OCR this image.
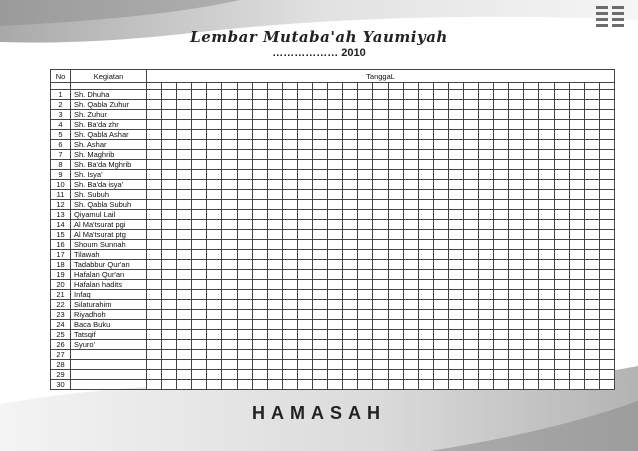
Lembar Mutaba'ah Yaumiyah
……………… 2010
No	Kegiatan	TanggaL																														

1	Sh. Dhuha																															
2	Sh. Qabla Zuhur																															
3	Sh. Zuhur																															
4	Sh. Ba'da zhr																															
5	Sh. Qabla Ashar																															
6	Sh. Ashar																															
7	Sh. Maghrib																															
8	Sh. Ba'da Mghrib																															
9	Sh. Isya'																															
10	Sh. Ba'da isya'																															
11	Sh. Subuh																															
12	Sh. Qabla Subuh																															
13	Qiyamul Lail																															
14	Al Ma'tsurat pgi																															
15	Al Ma'tsurat ptg																															
16	Shoum Sunnah																															
17	Tilawah																															
18	Tadabbur Qur'an																															
19	Hafalan Qur'an																															
20	Hafalan hadits																															
21	Infaq																															
22	Silaturahim																															
23	Riyadhoh																															
24	Baca Buku																															
25	Tatsqif																															
26	Syuro'																															
27																																
28																																
29																																
30																																
HAMASAH
